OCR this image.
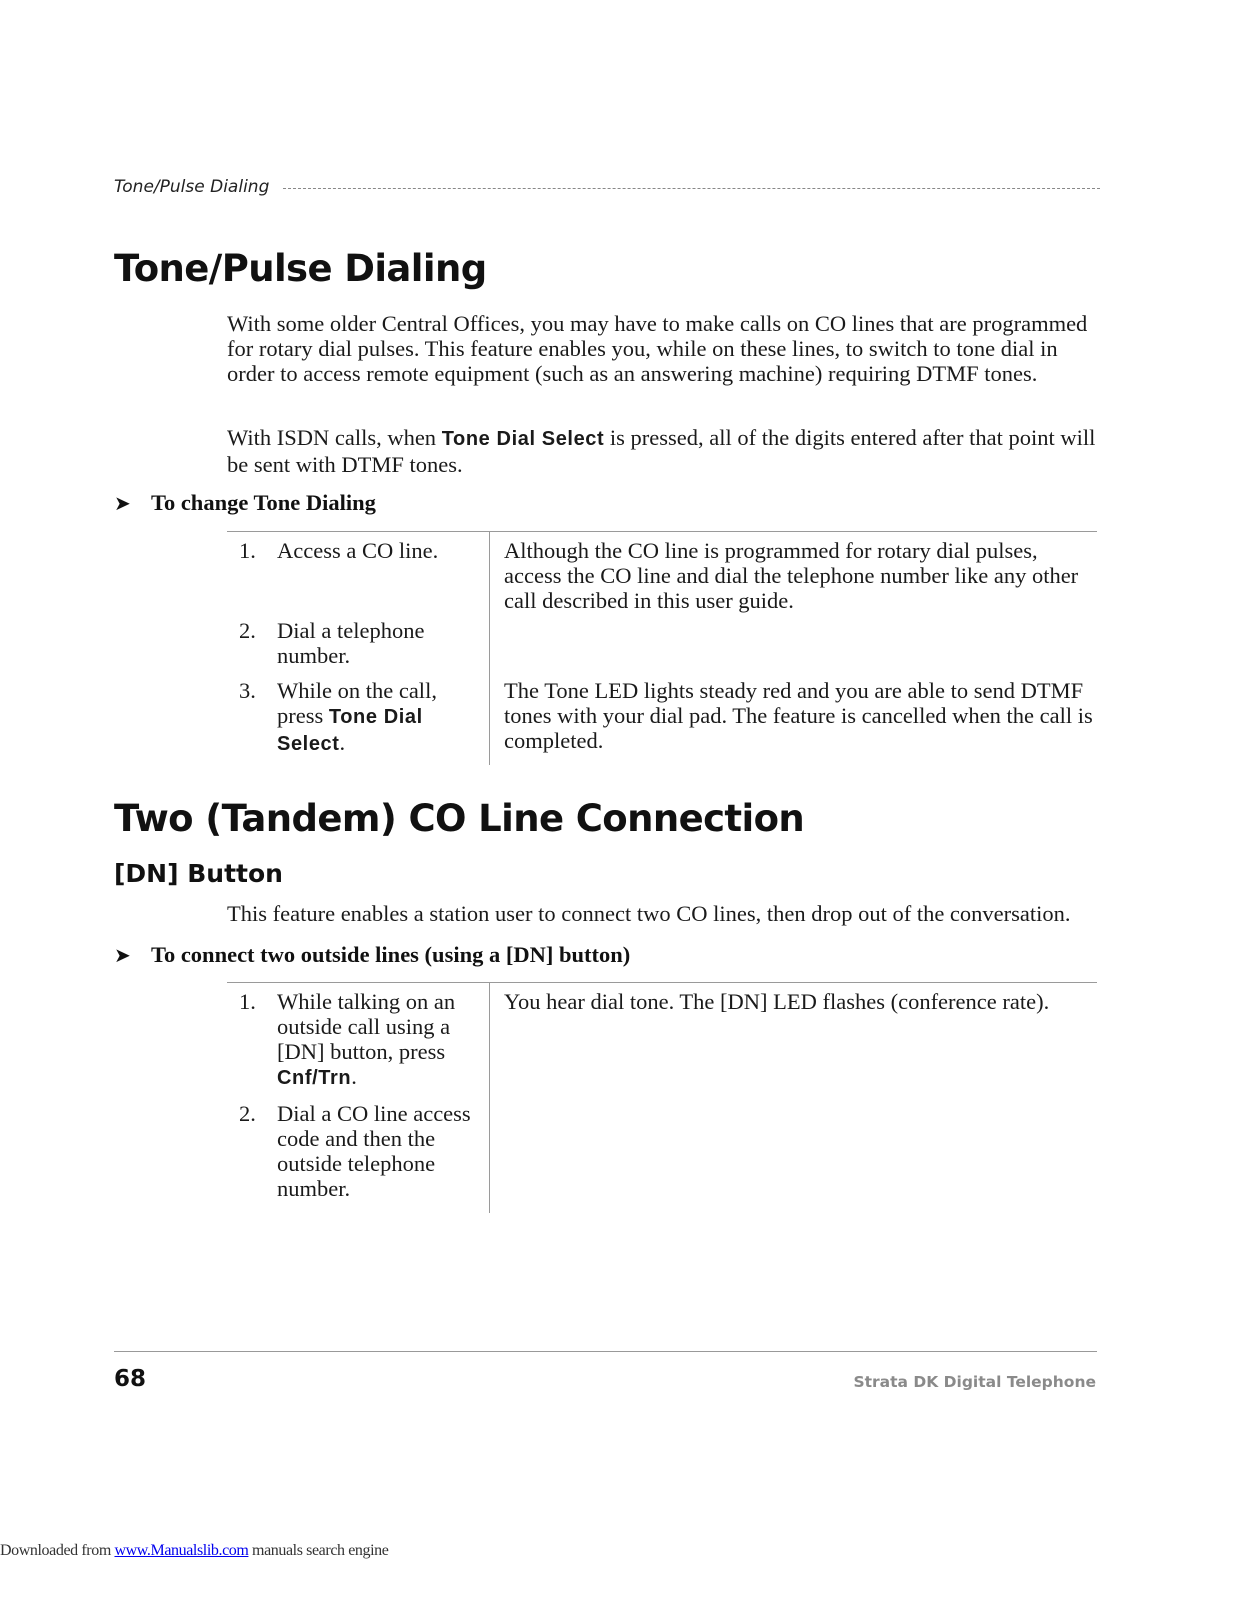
Tone/Pulse Dialing
Tone/Pulse Dialing

With some older Central Offices, you may have to make calls on CO lines that are programmed for rotary dial pulses. This feature enables you, while on these lines, to switch to tone dial in order to access remote equipment (such as an answering machine) requiring DTMF tones.

With ISDN calls, when Tone Dial Select is pressed, all of the digits entered after that point will be sent with DTMF tones.

➤ To change Tone Dialing
1. Access a CO line.	Although the CO line is programmed for rotary dial pulses, access the CO line and dial the telephone number like any other call described in this user guide.
2. Dial a telephone number.
3. While on the call, press Tone Dial Select.
The Tone LED lights steady red and you are able to send DTMF tones with your dial pad. The feature is cancelled when the call is completed.
Two (Tandem) CO Line Connection
[DN] Button

This feature enables a station user to connect two CO lines, then drop out of the conversation.

➤ To connect two outside lines (using a [DN] button)
1. While talking on an outside call using a [DN] button, press Cnf/Trn.
You hear dial tone. The [DN] LED flashes (conference rate).
2. Dial a CO line access code and then the outside telephone number.
68	Strata DK Digital Telephone
Downloaded from www.Manualslib.com manuals search engine
